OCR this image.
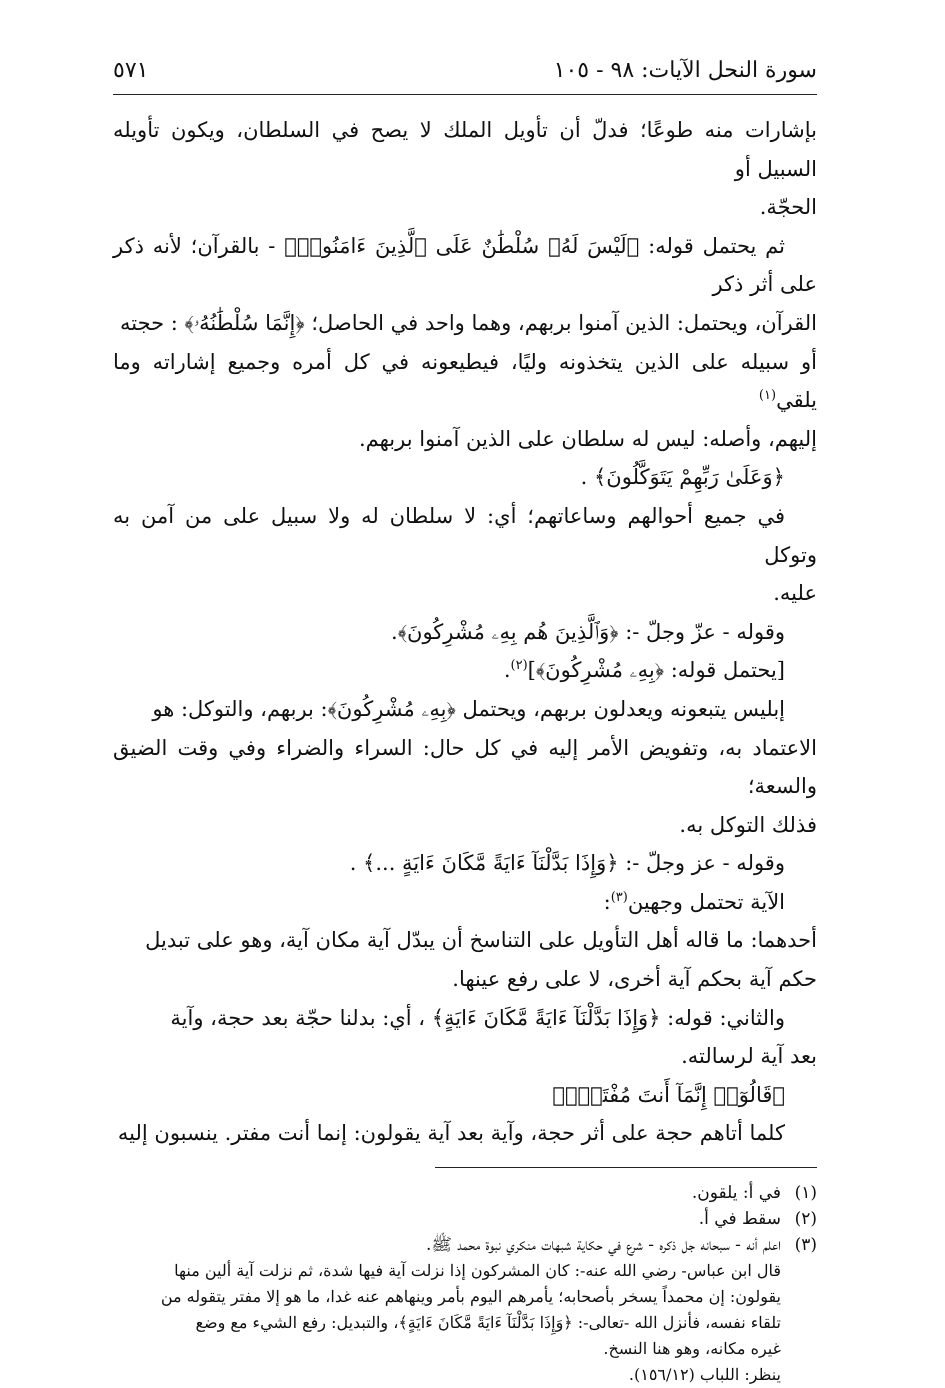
سورة النحل الآيات: ٩٨ - ١٠٥
٥٧١

بإشارات منه طوعًا؛ فدلّ أن تأويل الملك لا يصح في السلطان، ويكون تأويله السبيل أو

الحجّة.

ثم يحتمل قوله: ﴿لَيْسَ لَهُۥ سُلْطَٰنٌ عَلَى ٱلَّذِينَ ءَامَنُوا۟﴾ - بالقرآن؛ لأنه ذكر على أثر ذكر

القرآن، ويحتمل: الذين آمنوا بربهم، وهما واحد في الحاصل؛ ﴿إِنَّمَا سُلْطَٰنُهُۥ﴾ : حجته

أو سبيله على الذين يتخذونه وليًا، فيطيعونه في كل أمره وجميع إشاراته وما يلقي$^{(١)}$

إليهم، وأصله: ليس له سلطان على الذين آمنوا بربهم.

﴿وَعَلَىٰ رَبِّهِمْ يَتَوَكَّلُونَ﴾ .

في جميع أحوالهم وساعاتهم؛ أي: لا سلطان له ولا سبيل على من آمن به وتوكل

عليه.

وقوله - عزّ وجلّ -: ﴿وَٱلَّذِينَ هُم بِهِۦ مُشْرِكُونَ﴾.

[يحتمل قوله: ﴿بِهِۦ مُشْرِكُونَ﴾]$^{(٢)}$.

إبليس يتبعونه ويعدلون بربهم، ويحتمل ﴿بِهِۦ مُشْرِكُونَ﴾: بربهم، والتوكل: هو

الاعتماد به، وتفويض الأمر إليه في كل حال: السراء والضراء وفي وقت الضيق والسعة؛

فذلك التوكل به.

وقوله - عز وجلّ -: ﴿وَإِذَا بَدَّلْنَآ ءَايَةً مَّكَانَ ءَايَةٍ ...﴾ .

الآية تحتمل وجهين$^{(٣)}$:

أحدهما: ما قاله أهل التأويل على التناسخ أن يبدّل آية مكان آية، وهو على تبديل

حكم آية بحكم آية أخرى، لا على رفع عينها.

والثاني: قوله: ﴿وَإِذَا بَدَّلْنَآ ءَايَةً مَّكَانَ ءَايَةٍ﴾ ، أي: بدلنا حجّة بعد حجة، وآية

بعد آية لرسالته.

﴿قَالُوٓا۟ إِنَّمَآ أَنتَ مُفْتَرٍۭ﴾

كلما أتاهم حجة على أثر حجة، وآية بعد آية يقولون: إنما أنت مفتر. ينسبون إليه

(١)في أ: يلقون.

(٢)سقط في أ.

(٣)اعلم أنه - سبحانه جل ذكره - شرع في حكاية شبهات منكري نبوة محمد ﷺ.

قال ابن عباس- رضي الله عنه-: كان المشركون إذا نزلت آية فيها شدة، ثم نزلت آية ألين منها

يقولون: إن محمداً يسخر بأصحابه؛ يأمرهم اليوم بأمر وينهاهم عنه غدا، ما هو إلا مفتر يتقوله من

تلقاء نفسه، فأنزل الله -تعالى-: ﴿وَإِذَا بَدَّلْنَآ ءَايَةً مَّكَانَ ءَايَةٍ﴾، والتبديل: رفع الشيء مع وضع

غيره مكانه، وهو هنا النسخ.

ينظر: اللباب (١٥٦/١٢).
